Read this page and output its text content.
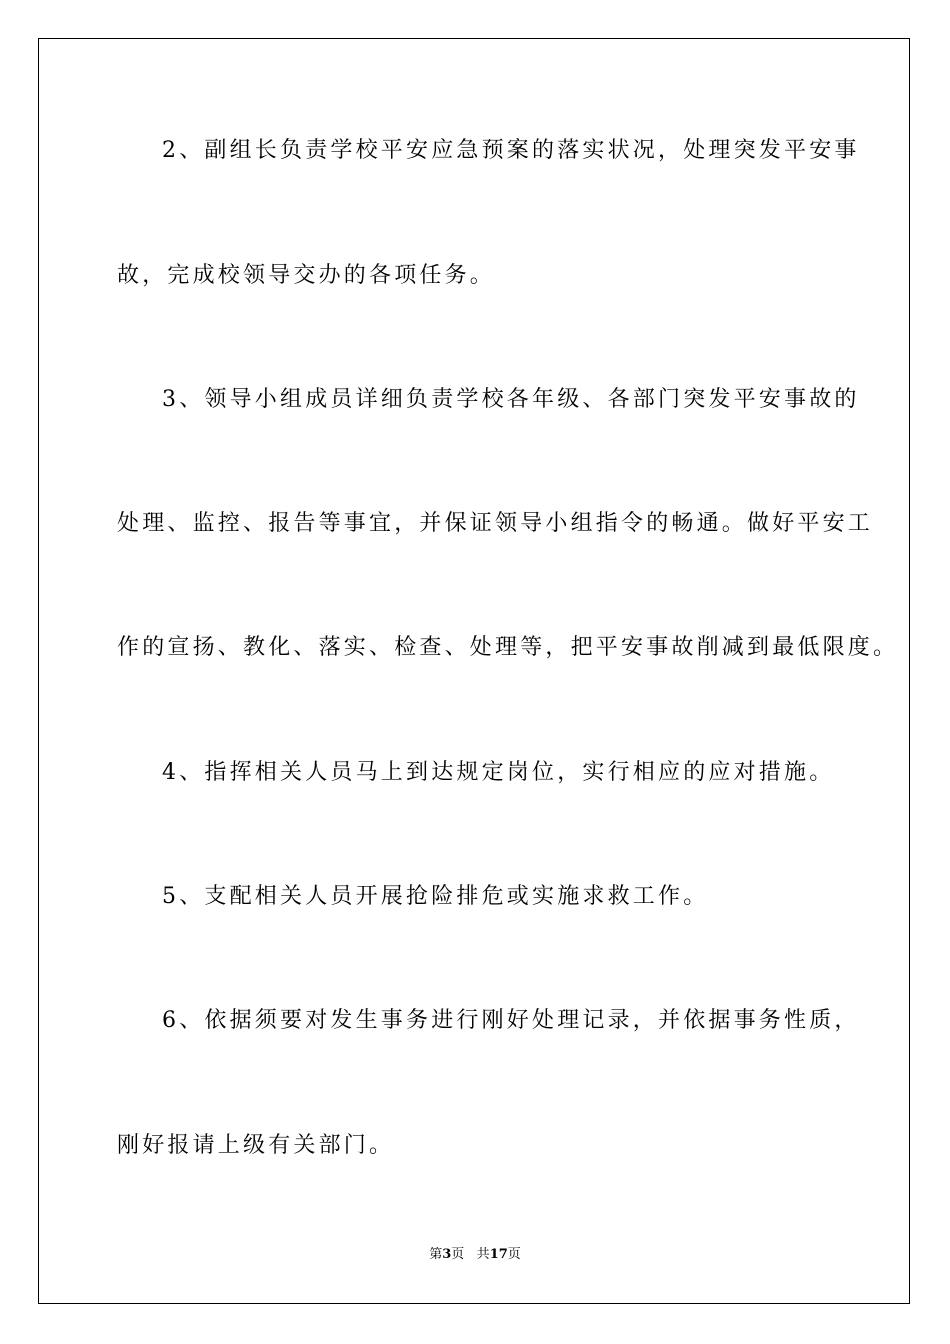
2、副组长负责学校平安应急预案的落实状况，处理突发平安事
故，完成校领导交办的各项任务。
3、领导小组成员详细负责学校各年级、各部门突发平安事故的
处理、监控、报告等事宜，并保证领导小组指令的畅通。做好平安工
作的宣扬、教化、落实、检查、处理等，把平安事故削减到最低限度。
4、指挥相关人员马上到达规定岗位，实行相应的应对措施。
5、支配相关人员开展抢险排危或实施求救工作。
6、依据须要对发生事务进行刚好处理记录，并依据事务性质，
刚好报请上级有关部门。
第3页 共17页
